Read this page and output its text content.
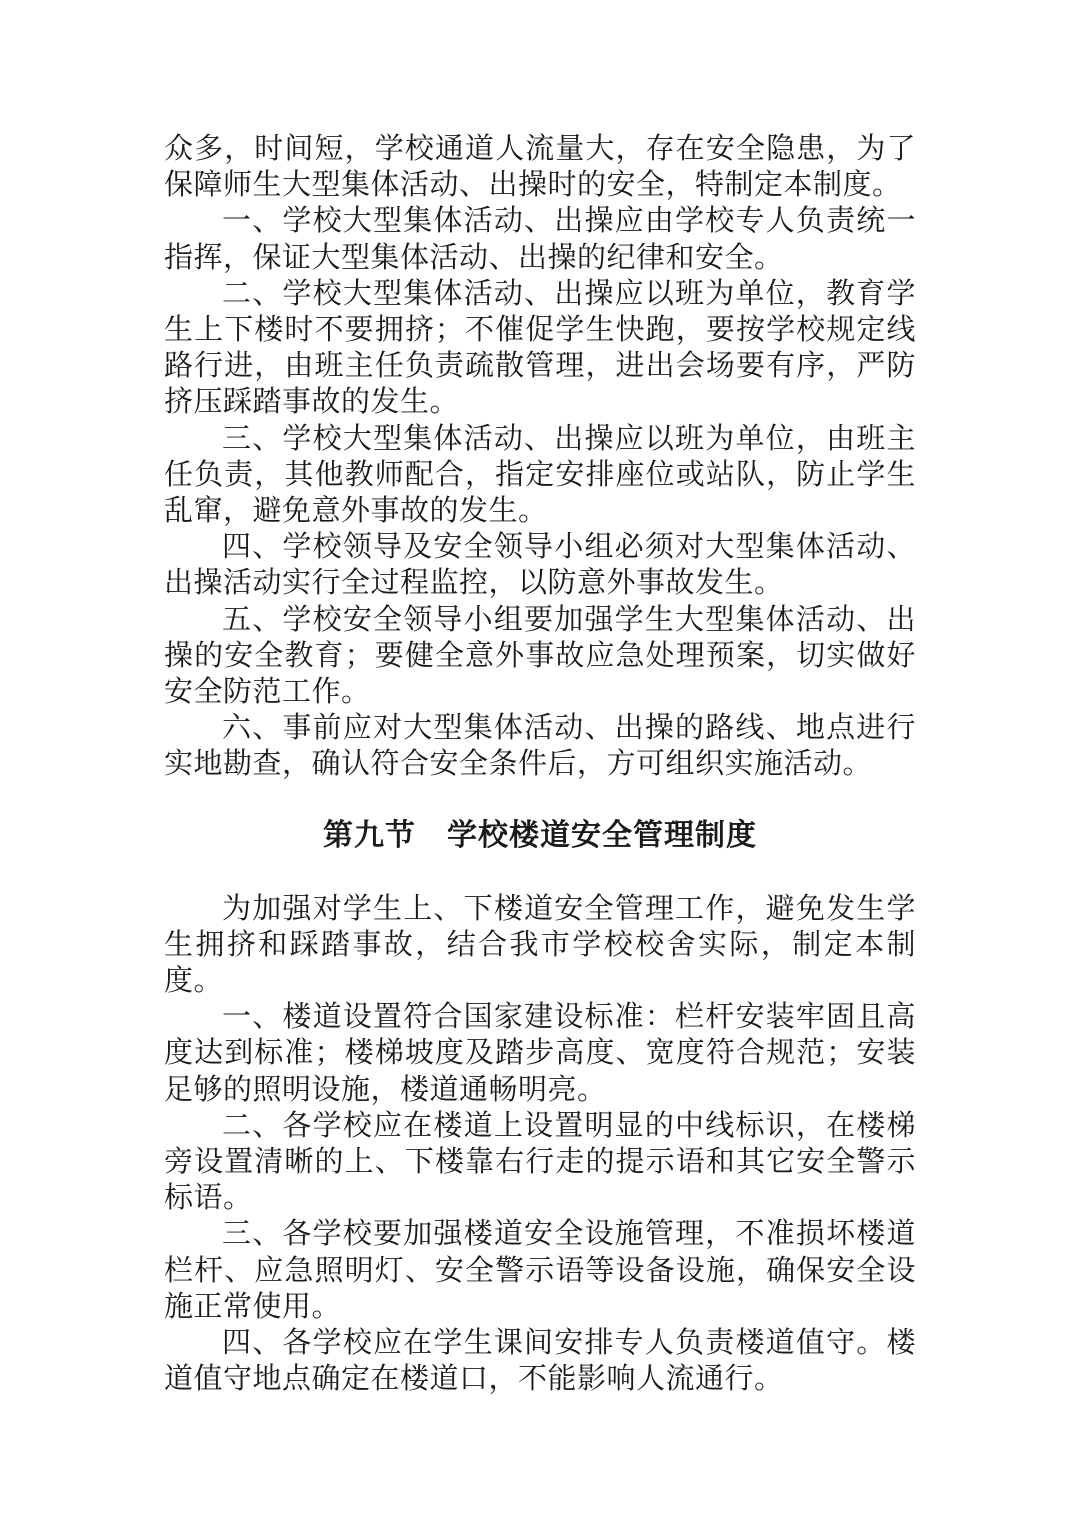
众多，时间短，学校通道人流量大，存在安全隐患，为了保障师生大型集体活动、出操时的安全，特制定本制度。

一、学校大型集体活动、出操应由学校专人负责统一指挥，保证大型集体活动、出操的纪律和安全。

二、学校大型集体活动、出操应以班为单位，教育学生上下楼时不要拥挤；不催促学生快跑，要按学校规定线路行进，由班主任负责疏散管理，进出会场要有序，严防挤压踩踏事故的发生。

三、学校大型集体活动、出操应以班为单位，由班主任负责，其他教师配合，指定安排座位或站队，防止学生乱窜，避免意外事故的发生。

四、学校领导及安全领导小组必须对大型集体活动、出操活动实行全过程监控，以防意外事故发生。

五、学校安全领导小组要加强学生大型集体活动、出操的安全教育；要健全意外事故应急处理预案，切实做好安全防范工作。

六、事前应对大型集体活动、出操的路线、地点进行实地勘查，确认符合安全条件后，方可组织实施活动。

第九节　学校楼道安全管理制度

为加强对学生上、下楼道安全管理工作，避免发生学生拥挤和踩踏事故，结合我市学校校舍实际，制定本制度。

一、楼道设置符合国家建设标准：栏杆安装牢固且高度达到标准；楼梯坡度及踏步高度、宽度符合规范；安装足够的照明设施，楼道通畅明亮。

二、各学校应在楼道上设置明显的中线标识，在楼梯旁设置清晰的上、下楼靠右行走的提示语和其它安全警示标语。

三、各学校要加强楼道安全设施管理，不准损坏楼道栏杆、应急照明灯、安全警示语等设备设施，确保安全设施正常使用。

四、各学校应在学生课间安排专人负责楼道值守。楼道值守地点确定在楼道口，不能影响人流通行。
